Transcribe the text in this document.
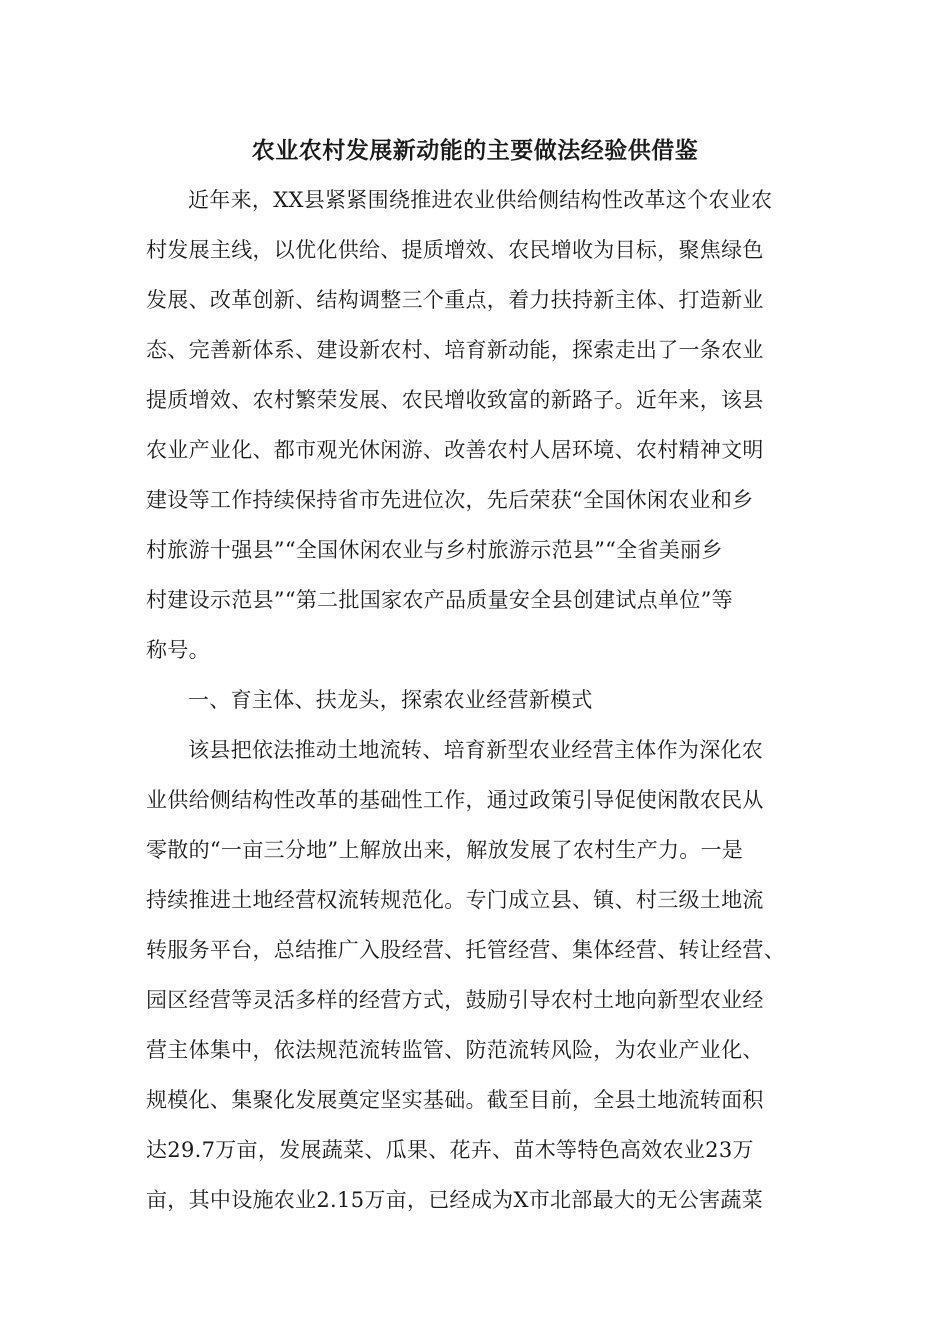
农业农村发展新动能的主要做法经验供借鉴
近年来，XX县紧紧围绕推进农业供给侧结构性改革这个农业农
村发展主线，以优化供给、提质增效、农民增收为目标，聚焦绿色
发展、改革创新、结构调整三个重点，着力扶持新主体、打造新业
态、完善新体系、建设新农村、培育新动能，探索走出了一条农业
提质增效、农村繁荣发展、农民增收致富的新路子。近年来，该县
农业产业化、都市观光休闲游、改善农村人居环境、农村精神文明
建设等工作持续保持省市先进位次，先后荣获“全国休闲农业和乡
村旅游十强县”“全国休闲农业与乡村旅游示范县”“全省美丽乡
村建设示范县”“第二批国家农产品质量安全县创建试点单位”等
称号。
一、育主体、扶龙头，探索农业经营新模式
该县把依法推动土地流转、培育新型农业经营主体作为深化农
业供给侧结构性改革的基础性工作，通过政策引导促使闲散农民从
零散的“一亩三分地”上解放出来，解放发展了农村生产力。一是
持续推进土地经营权流转规范化。专门成立县、镇、村三级土地流
转服务平台，总结推广入股经营、托管经营、集体经营、转让经营、
园区经营等灵活多样的经营方式，鼓励引导农村土地向新型农业经
营主体集中，依法规范流转监管、防范流转风险，为农业产业化、
规模化、集聚化发展奠定坚实基础。截至目前，全县土地流转面积
达29.7万亩，发展蔬菜、瓜果、花卉、苗木等特色高效农业23万
亩，其中设施农业2.15万亩，已经成为X市北部最大的无公害蔬菜
